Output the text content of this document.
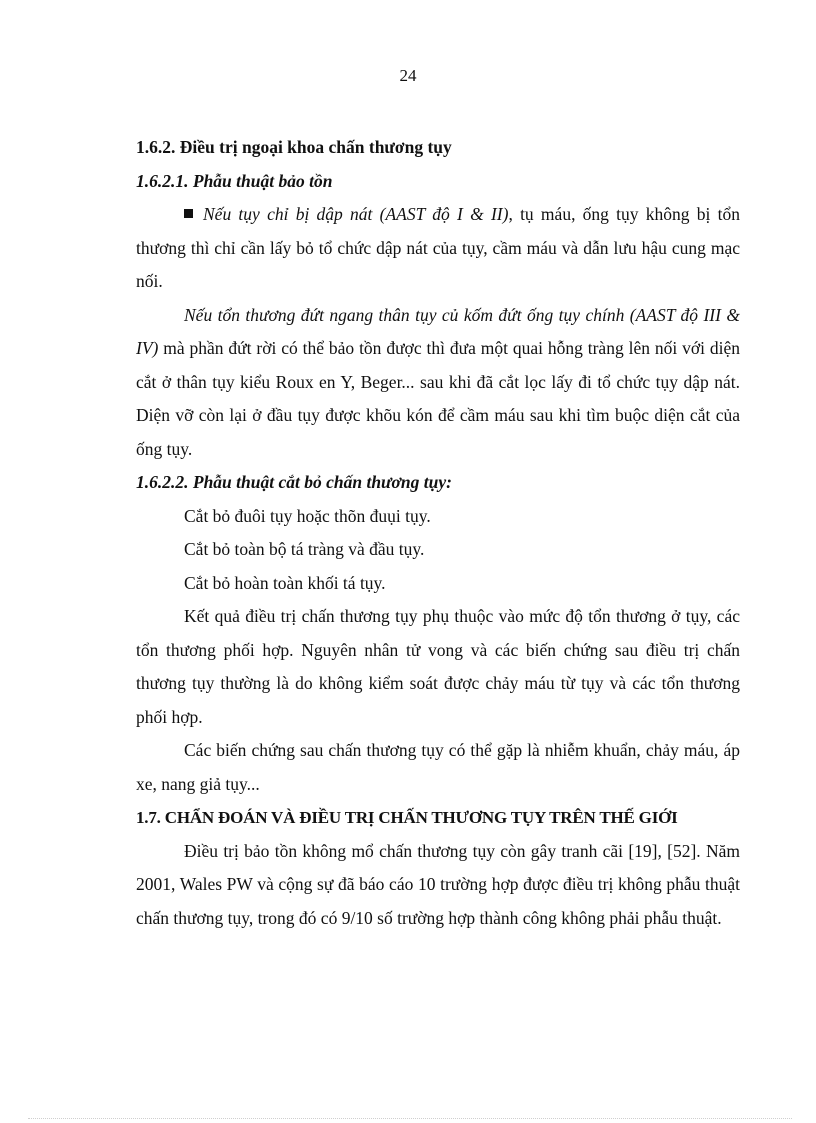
24

1.6.2. Điều trị ngoại khoa chấn thương tụy

1.6.2.1. Phẫu thuật bảo tồn

Nếu tụy chỉ bị dập nát (AAST độ I & II), tụ máu, ống tụy không bị tổn thương thì chỉ cần lấy bỏ tổ chức dập nát của tụy, cầm máu và dẫn lưu hậu cung mạc nối.

Nếu tổn thương đứt ngang thân tụy củ kốm đứt ống tụy chính (AAST độ III & IV) mà phần đứt rời có thể bảo tồn được thì đưa một quai hỗng tràng lên nối với diện cắt ở thân tụy kiểu Roux en Y, Beger... sau khi đã cắt lọc lấy đi tổ chức tụy dập nát. Diện vỡ còn lại ở đầu tụy được khõu kón để cầm máu sau khi tìm buộc diện cắt của ống tụy.

1.6.2.2. Phẫu thuật cắt bỏ chấn thương tụy:

Cắt bỏ đuôi tụy hoặc thõn đuụi tụy.

Cắt bỏ toàn bộ tá tràng và đầu tụy.

Cắt bỏ hoàn toàn khối tá tụy.

Kết quả điều trị chấn thương tụy phụ thuộc vào mức độ tổn thương ở tụy, các tổn thương phối hợp. Nguyên nhân tử vong và các biến chứng sau điều trị chấn thương tụy thường là do không kiểm soát được chảy máu từ tụy và các tổn thương phối hợp.

Các biến chứng sau chấn thương tụy có thể gặp là nhiễm khuẩn, chảy máu, áp xe, nang giả tụy...

1.7. CHẨN ĐOÁN VÀ ĐIỀU TRỊ CHẤN THƯƠNG TỤY TRÊN THẾ GIỚI

Điều trị bảo tồn không mổ chấn thương tụy còn gây tranh cãi [19], [52]. Năm 2001, Wales PW và cộng sự đã báo cáo 10 trường hợp được điều trị không phẫu thuật chấn thương tụy, trong đó có 9/10 số trường hợp thành công không phải phẫu thuật.
